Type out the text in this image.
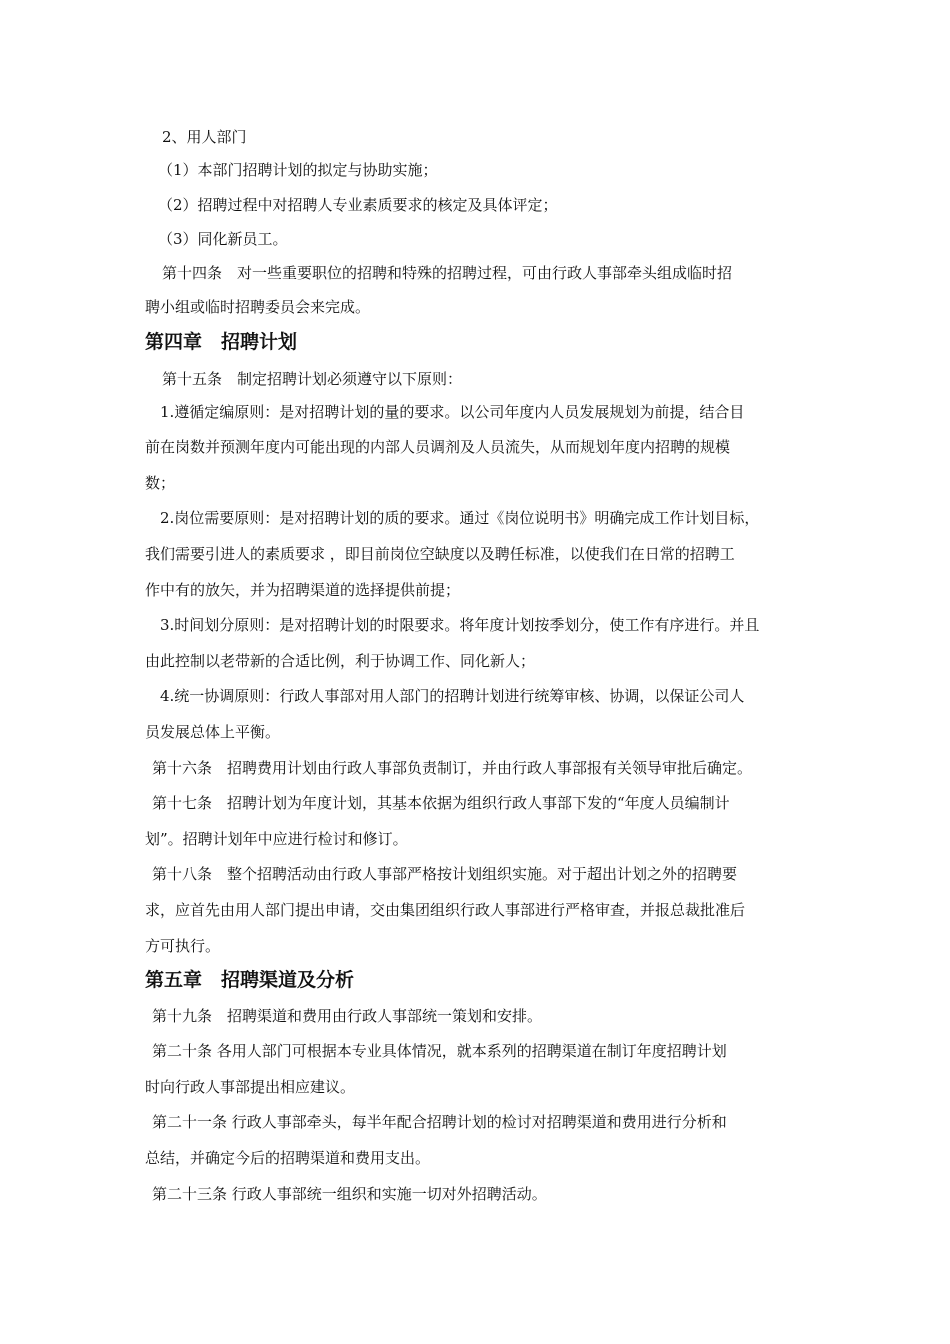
2、用人部门
（1）本部门招聘计划的拟定与协助实施；
（2）招聘过程中对招聘人专业素质要求的核定及具体评定；
（3）同化新员工。
第十四条　对一些重要职位的招聘和特殊的招聘过程，可由行政人事部牵头组成临时招
聘小组或临时招聘委员会来完成。
第四章　招聘计划
第十五条　制定招聘计划必须遵守以下原则：
1.遵循定编原则：是对招聘计划的量的要求。以公司年度内人员发展规划为前提，结合目
前在岗数并预测年度内可能出现的内部人员调剂及人员流失，从而规划年度内招聘的规模
数；
2.岗位需要原则：是对招聘计划的质的要求。通过《岗位说明书》明确完成工作计划目标，
我们需要引进人的素质要求 ，即目前岗位空缺度以及聘任标准，以使我们在日常的招聘工
作中有的放矢，并为招聘渠道的选择提供前提；
3.时间划分原则：是对招聘计划的时限要求。将年度计划按季划分，使工作有序进行。并且
由此控制以老带新的合适比例，利于协调工作、同化新人；
4.统一协调原则：行政人事部对用人部门的招聘计划进行统筹审核、协调，以保证公司人
员发展总体上平衡。
第十六条　招聘费用计划由行政人事部负责制订，并由行政人事部报有关领导审批后确定。
第十七条　招聘计划为年度计划，其基本依据为组织行政人事部下发的“年度人员编制计
划”。招聘计划年中应进行检讨和修订。
第十八条　整个招聘活动由行政人事部严格按计划组织实施。对于超出计划之外的招聘要
求，应首先由用人部门提出申请，交由集团组织行政人事部进行严格审查，并报总裁批准后
方可执行。
第五章　招聘渠道及分析
第十九条　招聘渠道和费用由行政人事部统一策划和安排。
第二十条 各用人部门可根据本专业具体情况，就本系列的招聘渠道在制订年度招聘计划
时向行政人事部提出相应建议。
第二十一条 行政人事部牵头，每半年配合招聘计划的检讨对招聘渠道和费用进行分析和
总结，并确定今后的招聘渠道和费用支出。
第二十三条 行政人事部统一组织和实施一切对外招聘活动。
